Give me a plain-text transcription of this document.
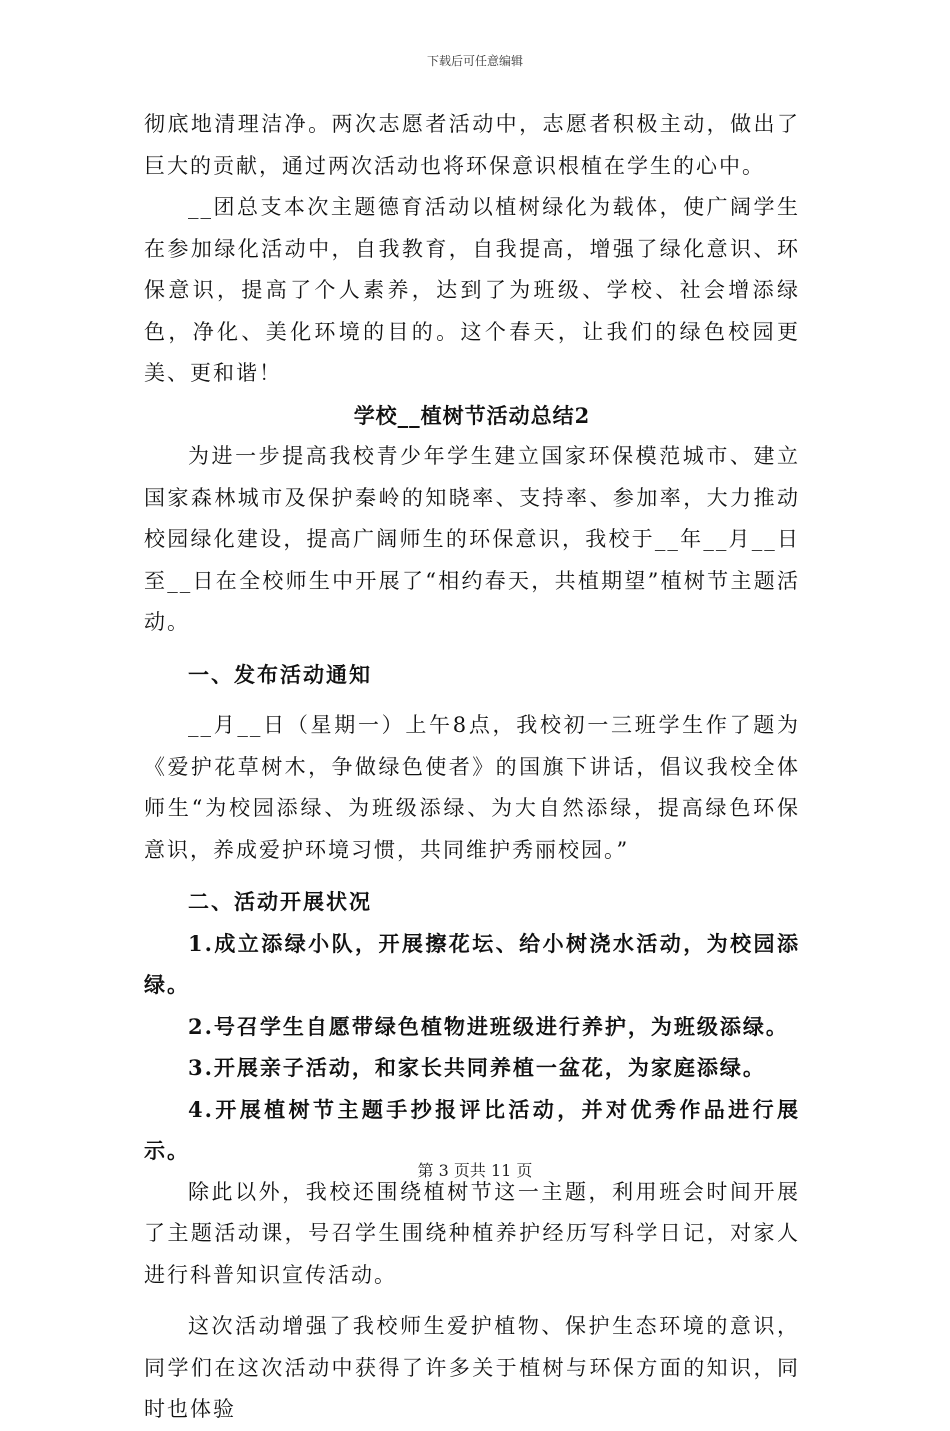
下载后可任意编辑
彻底地清理洁净。两次志愿者活动中，志愿者积极主动，做出了巨大的贡献，通过两次活动也将环保意识根植在学生的心中。
__团总支本次主题德育活动以植树绿化为载体，使广阔学生在参加绿化活动中，自我教育，自我提高，增强了绿化意识、环保意识，提高了个人素养，达到了为班级、学校、社会增添绿色，净化、美化环境的目的。这个春天，让我们的绿色校园更美、更和谐！
学校__植树节活动总结2
为进一步提高我校青少年学生建立国家环保模范城市、建立国家森林城市及保护秦岭的知晓率、支持率、参加率，大力推动校园绿化建设，提高广阔师生的环保意识，我校于__年__月__日至__日在全校师生中开展了“相约春天，共植期望”植树节主题活动。
一、发布活动通知
__月__日（星期一）上午8点，我校初一三班学生作了题为《爱护花草树木，争做绿色使者》的国旗下讲话，倡议我校全体师生“为校园添绿、为班级添绿、为大自然添绿，提高绿色环保意识，养成爱护环境习惯，共同维护秀丽校园。”
二、活动开展状况
1.成立添绿小队，开展擦花坛、给小树浇水活动，为校园添绿。
2.号召学生自愿带绿色植物进班级进行养护，为班级添绿。
3.开展亲子活动，和家长共同养植一盆花，为家庭添绿。
4.开展植树节主题手抄报评比活动，并对优秀作品进行展示。
除此以外，我校还围绕植树节这一主题，利用班会时间开展了主题活动课，号召学生围绕种植养护经历写科学日记，对家人进行科普知识宣传活动。
这次活动增强了我校师生爱护植物、保护生态环境的意识，同学们在这次活动中获得了许多关于植树与环保方面的知识，同时也体验
第 3 页共 11 页
